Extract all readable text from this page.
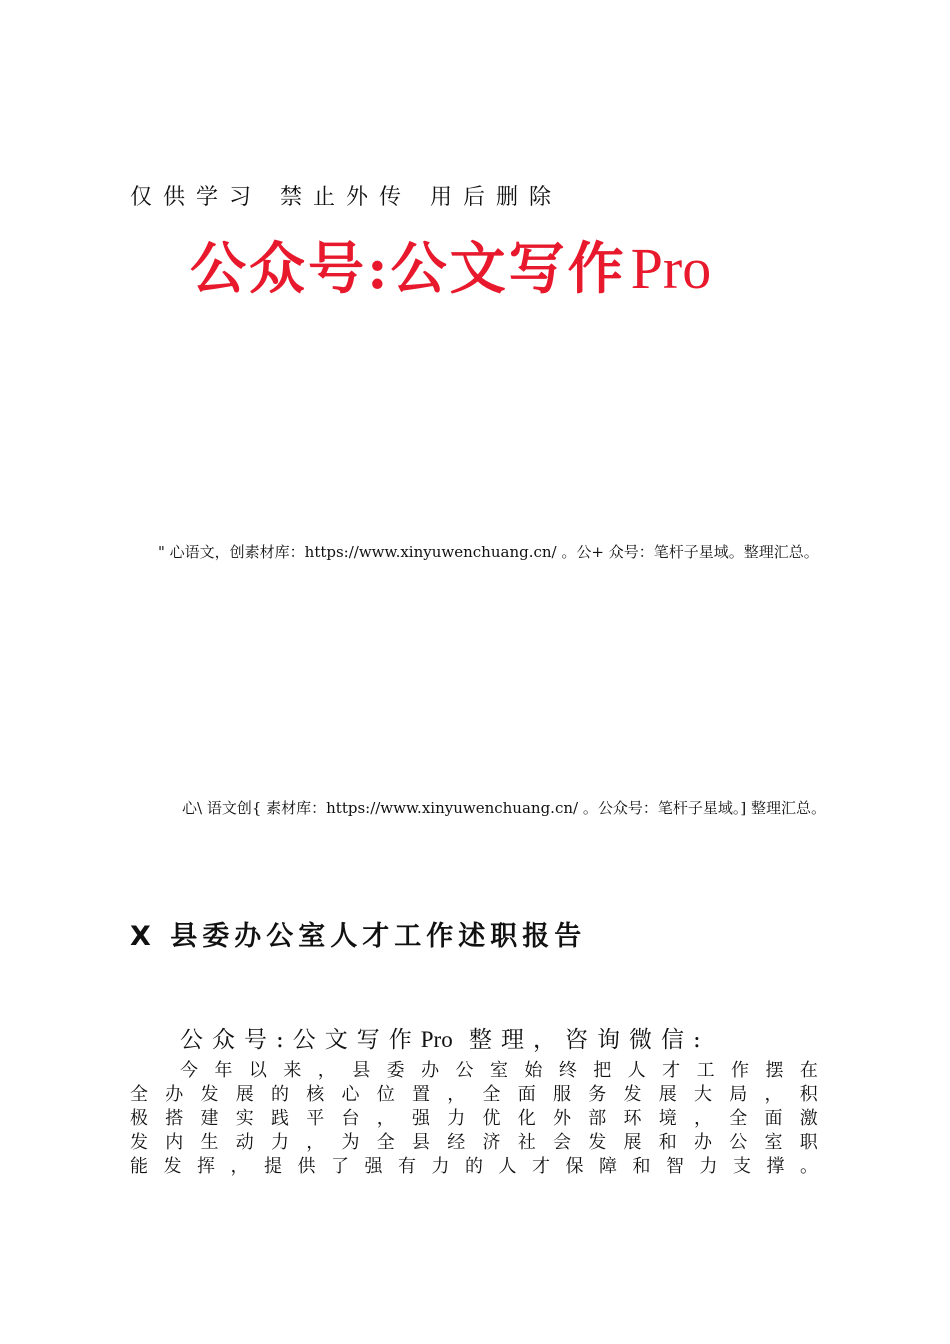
仅供学习 禁止外传 用后删除
公众号:公文写作Pro
" 心语文，创素材库：https://www.xinyuwenchuang.cn/ 。公+ 众号：笔杆子星域。整理汇总。
心\ 语文创{ 素材库：https://www.xinyuwenchuang.cn/ 。公众号：笔杆子星域。] 整理汇总。
X 县委办公室人才工作述职报告
公众号:公文写作Pro 整理，咨询微信:
今 年 以 来 ， 县 委 办 公 室 始 终 把 人 才 工 作 摆 在
全 办 发 展 的 核 心 位 置 ， 全 面 服 务 发 展 大 局 ， 积
极 搭 建 实 践 平 台 ， 强 力 优 化 外 部 环 境 ， 全 面 激
发 内 生 动 力 ， 为 全 县 经 济 社 会 发 展 和 办 公 室 职
能 发 挥 ， 提 供 了 强 有 力 的 人 才 保 障 和 智 力 支 撑 。
